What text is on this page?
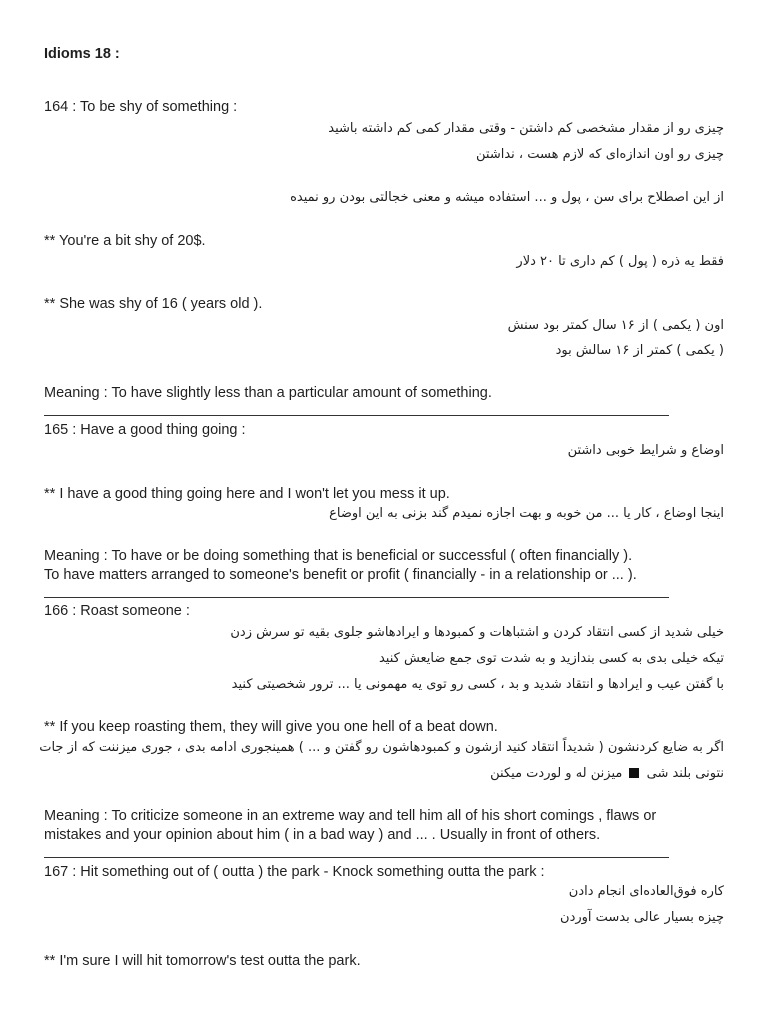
Idioms 18 :
164 : To be shy of something :
چیزی رو از مقدار مشخصی کم داشتن - وقتی مقدار کمی کم داشته باشید
چیزی رو اون اندازه‌ای که لازم هست ، نداشتن
از این اصطلاح برای سن ، پول و ... استفاده میشه و معنی خجالتی بودن رو نمیده
** You're a bit shy of 20$.
فقط یه ذره ( پول ) کم داری تا ۲۰ دلار
** She was shy of 16 ( years old ).
اون ( یکمی ) از ۱۶ سال کمتر بود سنش
( یکمی ) کمتر از ۱۶ سالش بود
Meaning : To have slightly less than a particular amount of something.
165 : Have a good thing going :
اوضاع و شرایط خوبی داشتن
** I have a good thing going here and I won't let you mess it up.
اینجا اوضاع ، کار یا ... من خوبه و بهت اجازه نمیدم گند بزنی به این اوضاع
Meaning : To have or be doing something that is beneficial or successful ( often financially ).
To have matters arranged to someone's benefit or profit ( financially - in a relationship or ... ).
166 : Roast someone :
خیلی شدید از کسی انتقاد کردن و اشتباهات و کمبودها و ایرادهاشو جلوی بقیه تو سرش زدن
تیکه خیلی بدی به کسی بندازید و به شدت توی جمع ضایعش کنید
با گفتن عیب و ایرادها و انتقاد شدید و بد ، کسی رو توی یه مهمونی یا ... ترور شخصیتی کنید
** If you keep roasting them, they will give you one hell of a beat down.
اگر به ضایع کردنشون ( شدیداً انتقاد کنید ازشون و کمبودهاشون رو گفتن و ... ) همینجوری ادامه بدی ، جوری میزننت که از جات
نتونی بلند شی  میزنن له و لوردت میکنن
Meaning : To criticize someone in an extreme way and tell him all of his short comings , flaws or
mistakes and your opinion about him ( in a bad way ) and ... . Usually in front of others.
167 : Hit something out of ( outta ) the park - Knock something outta the park :
کاره فوق‌العاده‌ای انجام دادن
چیزه بسیار عالی بدست آوردن
** I'm sure I will hit tomorrow's test outta the park.
